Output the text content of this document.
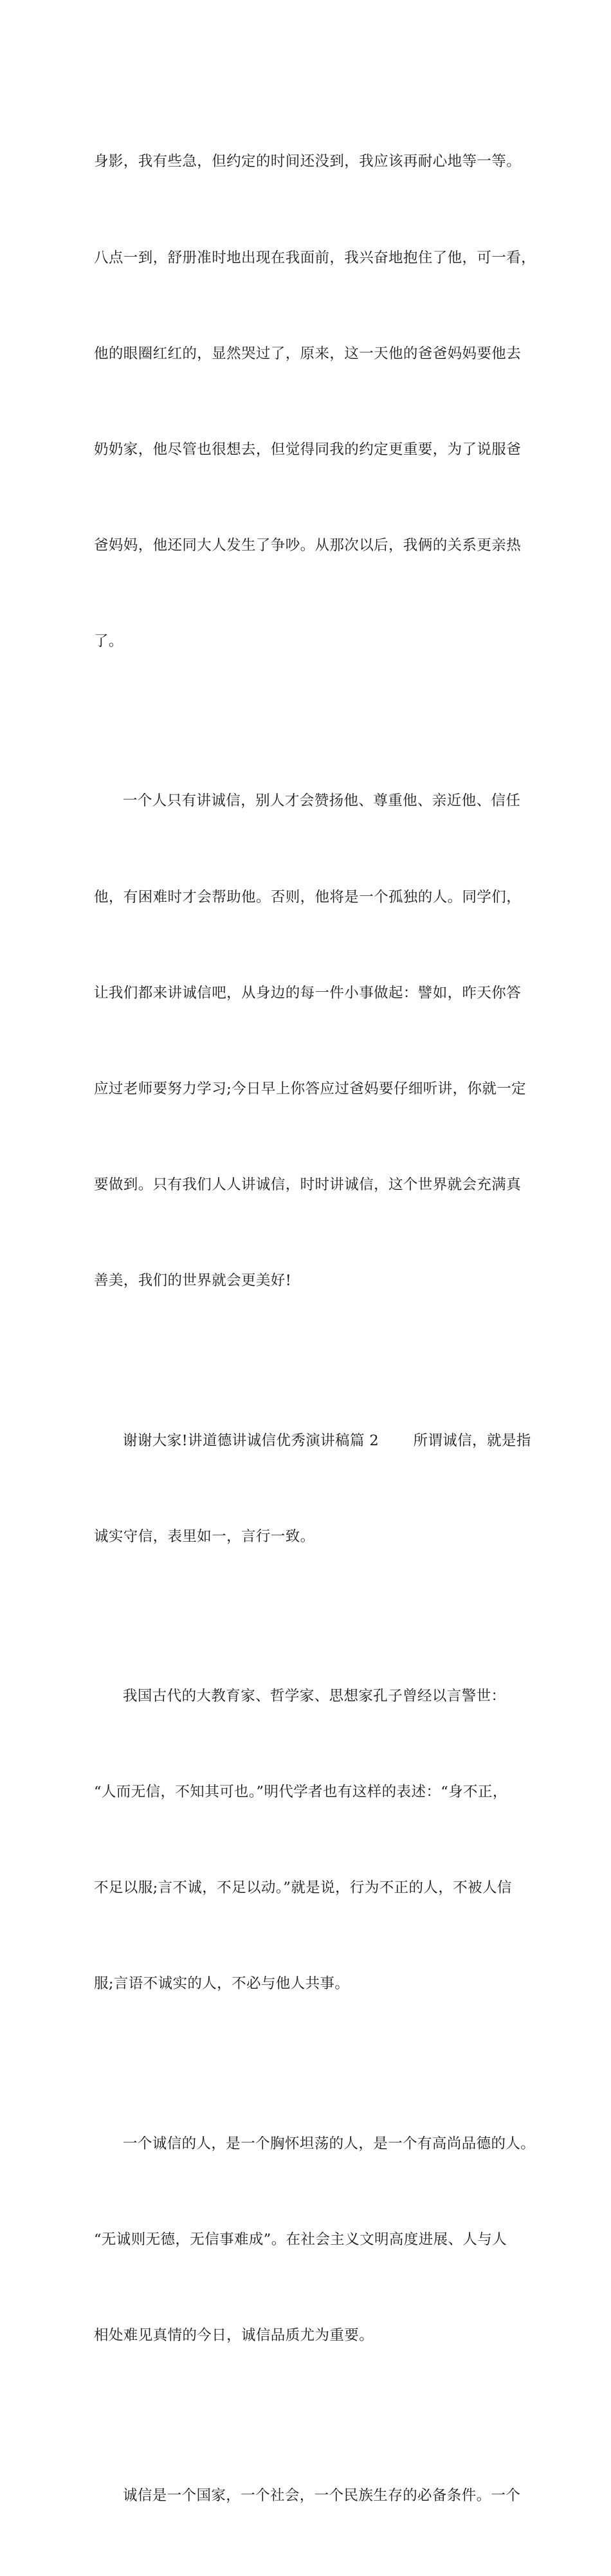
身影，我有些急，但约定的时间还没到，我应该再耐心地等一等。

八点一到，舒册准时地出现在我面前，我兴奋地抱住了他，可一看，

他的眼圈红红的，显然哭过了，原来，这一天他的爸爸妈妈要他去

奶奶家，他尽管也很想去，但觉得同我的约定更重要，为了说服爸

爸妈妈，他还同大人发生了争吵。从那次以后，我俩的关系更亲热

了。

一个人只有讲诚信，别人才会赞扬他、尊重他、亲近他、信任

他，有困难时才会帮助他。否则，他将是一个孤独的人。同学们，

让我们都来讲诚信吧，从身边的每一件小事做起：譬如，昨天你答

应过老师要努力学习;今日早上你答应过爸妈要仔细听讲，你就一定

要做到。只有我们人人讲诚信，时时讲诚信，这个世界就会充满真

善美，我们的世界就会更美好!

谢谢大家!讲道德讲诚信优秀演讲稿篇 2　　 所谓诚信，就是指

诚实守信，表里如一，言行一致。

我国古代的大教育家、哲学家、思想家孔子曾经以言警世：

“人而无信，不知其可也。”明代学者也有这样的表述：“身不正，

不足以服;言不诚，不足以动。”就是说，行为不正的人，不被人信

服;言语不诚实的人，不必与他人共事。

一个诚信的人，是一个胸怀坦荡的人，是一个有高尚品德的人。

“无诚则无德，无信事难成”。在社会主义文明高度进展、人与人

相处难见真情的今日，诚信品质尤为重要。

诚信是一个国家，一个社会，一个民族生存的必备条件。一个
